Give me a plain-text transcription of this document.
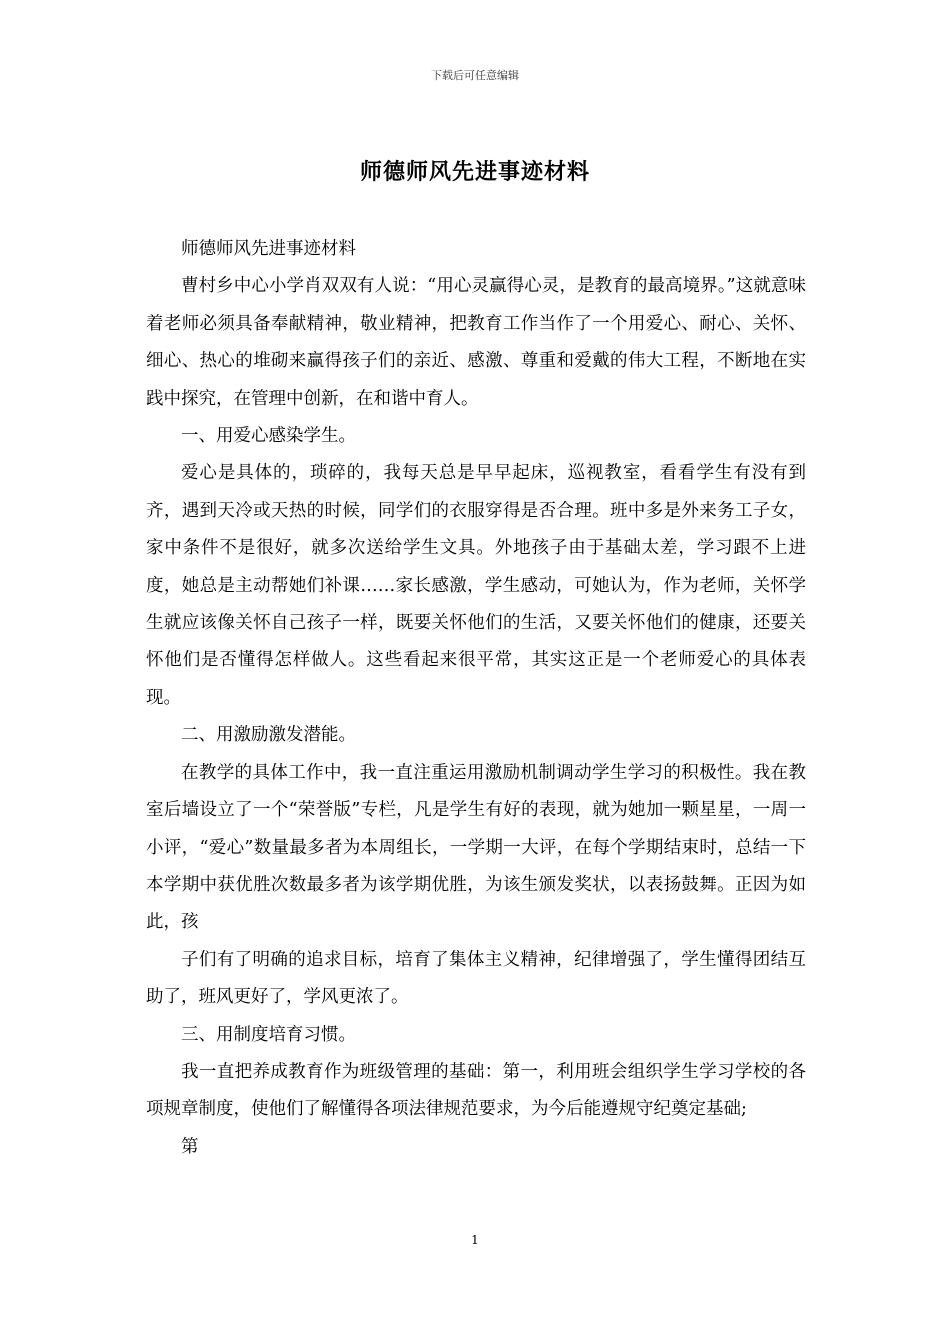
下载后可任意编辑
师德师风先进事迹材料

师德师风先进事迹材料

曹村乡中心小学肖双双有人说：“用心灵赢得心灵，是教育的最高境界。”这就意味着老师必须具备奉献精神，敬业精神，把教育工作当作了一个用爱心、耐心、关怀、细心、热心的堆砌来赢得孩子们的亲近、感激、尊重和爱戴的伟大工程，不断地在实践中探究，在管理中创新，在和谐中育人。

一、用爱心感染学生。

爱心是具体的，琐碎的，我每天总是早早起床，巡视教室，看看学生有没有到齐，遇到天冷或天热的时候，同学们的衣服穿得是否合理。班中多是外来务工子女，家中条件不是很好，就多次送给学生文具。外地孩子由于基础太差，学习跟不上进度，她总是主动帮她们补课……家长感激，学生感动，可她认为，作为老师，关怀学生就应该像关怀自己孩子一样，既要关怀他们的生活，又要关怀他们的健康，还要关怀他们是否懂得怎样做人。这些看起来很平常，其实这正是一个老师爱心的具体表现。

二、用激励激发潜能。

在教学的具体工作中，我一直注重运用激励机制调动学生学习的积极性。我在教室后墙设立了一个“荣誉版”专栏，凡是学生有好的表现，就为她加一颗星星，一周一小评，“爱心”数量最多者为本周组长，一学期一大评，在每个学期结束时，总结一下本学期中获优胜次数最多者为该学期优胜，为该生颁发奖状，以表扬鼓舞。正因为如此，孩

子们有了明确的追求目标，培育了集体主义精神，纪律增强了，学生懂得团结互助了，班风更好了，学风更浓了。

三、用制度培育习惯。

我一直把养成教育作为班级管理的基础：第一，利用班会组织学生学习学校的各项规章制度，使他们了解懂得各项法律规范要求，为今后能遵规守纪奠定基础;

第

1
